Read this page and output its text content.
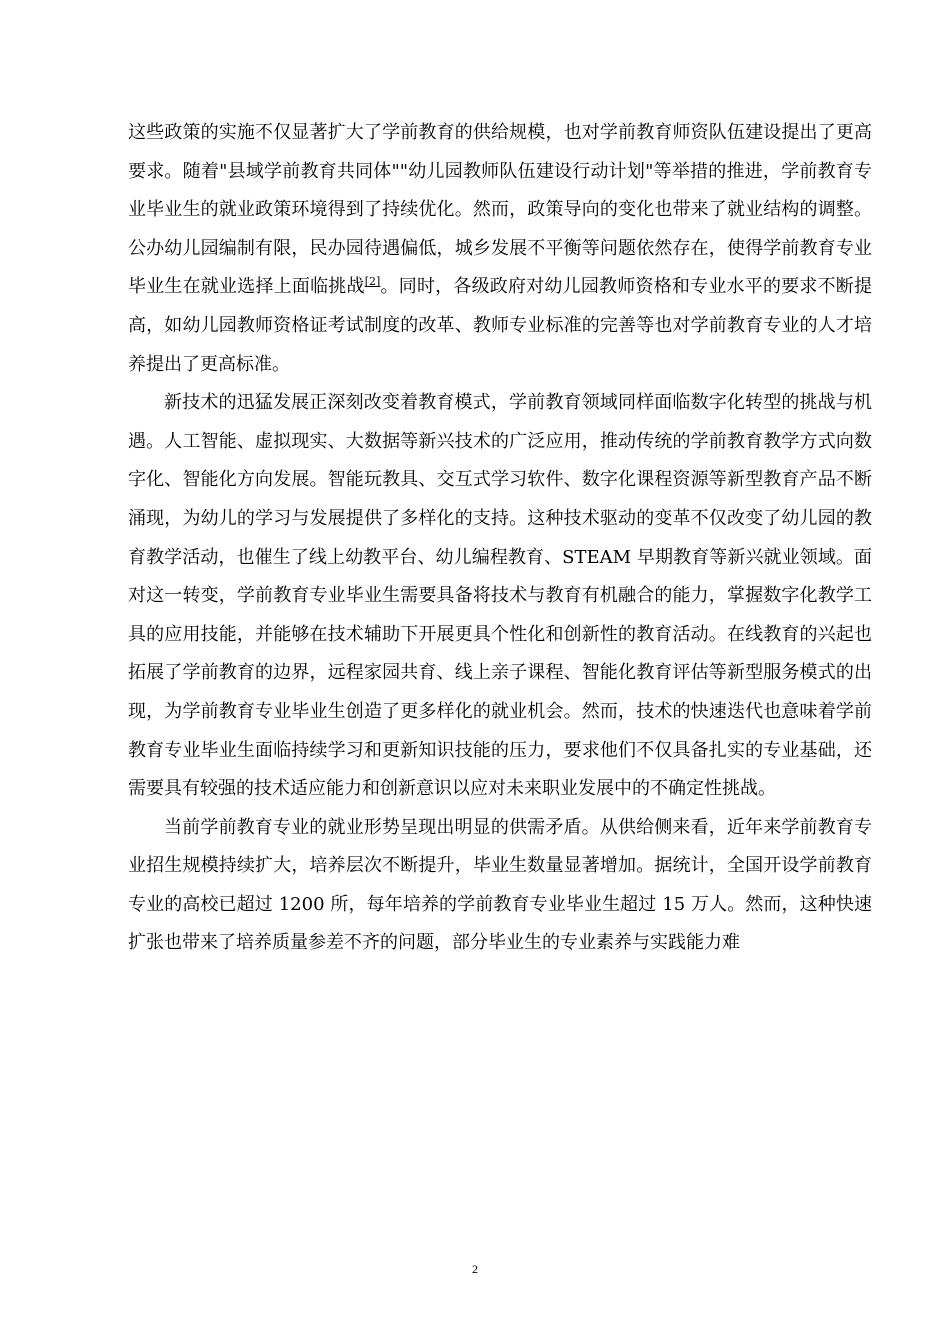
这些政策的实施不仅显著扩大了学前教育的供给规模，也对学前教育师资队伍建设提出了更高要求。随着"县域学前教育共同体""幼儿园教师队伍建设行动计划"等举措的推进，学前教育专业毕业生的就业政策环境得到了持续优化。然而，政策导向的变化也带来了就业结构的调整。公办幼儿园编制有限，民办园待遇偏低，城乡发展不平衡等问题依然存在，使得学前教育专业毕业生在就业选择上面临挑战[2]。同时，各级政府对幼儿园教师资格和专业水平的要求不断提高，如幼儿园教师资格证考试制度的改革、教师专业标准的完善等也对学前教育专业的人才培养提出了更高标准。

新技术的迅猛发展正深刻改变着教育模式，学前教育领域同样面临数字化转型的挑战与机遇。人工智能、虚拟现实、大数据等新兴技术的广泛应用，推动传统的学前教育教学方式向数字化、智能化方向发展。智能玩教具、交互式学习软件、数字化课程资源等新型教育产品不断涌现，为幼儿的学习与发展提供了多样化的支持。这种技术驱动的变革不仅改变了幼儿园的教育教学活动，也催生了线上幼教平台、幼儿编程教育、STEAM 早期教育等新兴就业领域。面对这一转变，学前教育专业毕业生需要具备将技术与教育有机融合的能力，掌握数字化教学工具的应用技能，并能够在技术辅助下开展更具个性化和创新性的教育活动。在线教育的兴起也拓展了学前教育的边界，远程家园共育、线上亲子课程、智能化教育评估等新型服务模式的出现，为学前教育专业毕业生创造了更多样化的就业机会。然而，技术的快速迭代也意味着学前教育专业毕业生面临持续学习和更新知识技能的压力，要求他们不仅具备扎实的专业基础，还需要具有较强的技术适应能力和创新意识以应对未来职业发展中的不确定性挑战。

当前学前教育专业的就业形势呈现出明显的供需矛盾。从供给侧来看，近年来学前教育专业招生规模持续扩大，培养层次不断提升，毕业生数量显著增加。据统计，全国开设学前教育专业的高校已超过 1200 所，每年培养的学前教育专业毕业生超过 15 万人。然而，这种快速扩张也带来了培养质量参差不齐的问题，部分毕业生的专业素养与实践能力难

2
